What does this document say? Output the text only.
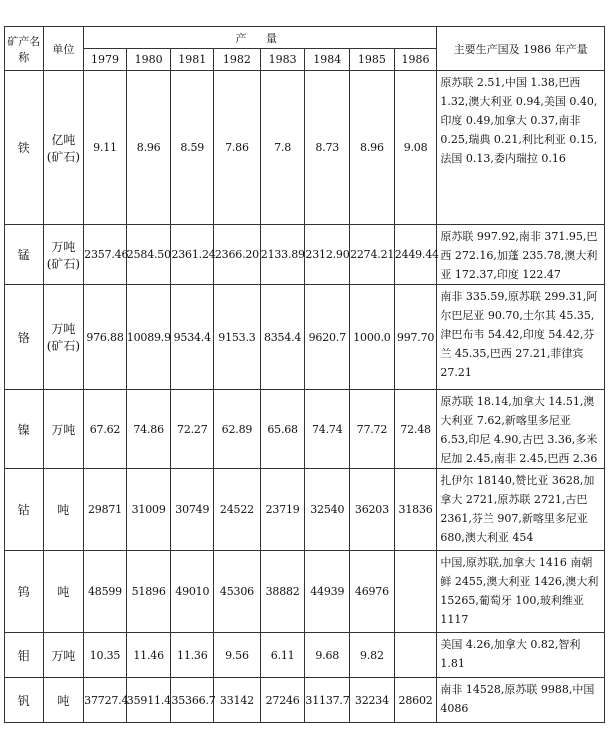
矿产名称	单位	产 量								主要生产国及 1986 年产量
		1979	1980	1981	1982	1983	1984	1985	1986	
铁	亿吨(矿石)	9.11	8.96	8.59	7.86	7.8	8.73	8.96	9.08	原苏联 2.51,中国 1.38,巴西 1.32,澳大利亚 0.94,美国 0.40,印度 0.49,加拿大 0.37,南非 0.25,瑞典 0.21,利比利亚 0.15,法国 0.13,委内瑞拉 0.16
锰	万吨(矿石)	2357.46	2584.50	2361.24	2366.20	2133.89	2312.90	2274.21	2449.44	原苏联 997.92,南非 371.95,巴西 272.16,加蓬 235.78,澳大利亚 172.37,印度 122.47
铬	万吨(矿石)	976.88	10089.9	9534.4	9153.3	8354.4	9620.7	1000.0	997.70	南非 335.59,原苏联 299.31,阿尔巴尼亚 90.70,土尔其 45.35,津巴布韦 54.42,印度 54.42,芬兰 45.35,巴西 27.21,菲律宾 27.21
镍	万吨	67.62	74.86	72.27	62.89	65.68	74.74	77.72	72.48	原苏联 18.14,加拿大 14.51,澳大利亚 7.62,新喀里多尼亚 6.53,印尼 4.90,古巴 3.36,多米尼加 2.45,南非 2.45,巴西 2.36
钴	吨	29871	31009	30749	24522	23719	32540	36203	31836	扎伊尔 18140,赞比亚 3628,加拿大 2721,原苏联 2721,古巴 2361,芬兰 907,新喀里多尼亚 680,澳大利亚 454
钨	吨	48599	51896	49010	45306	38882	44939	46976		中国,原苏联,加拿大 1416 南朝鲜 2455,澳大利亚 1426,澳大利 15265,葡萄牙 100,玻利维亚 1117
钼	万吨	10.35	11.46	11.36	9.56	6.11	9.68	9.82		美国 4.26,加拿大 0.82,智利 1.81
钒	吨	37727.4	35911.4	35366.7	33142	27246	31137.7	32234	28602	南非 14528,原苏联 9988,中国 4086
